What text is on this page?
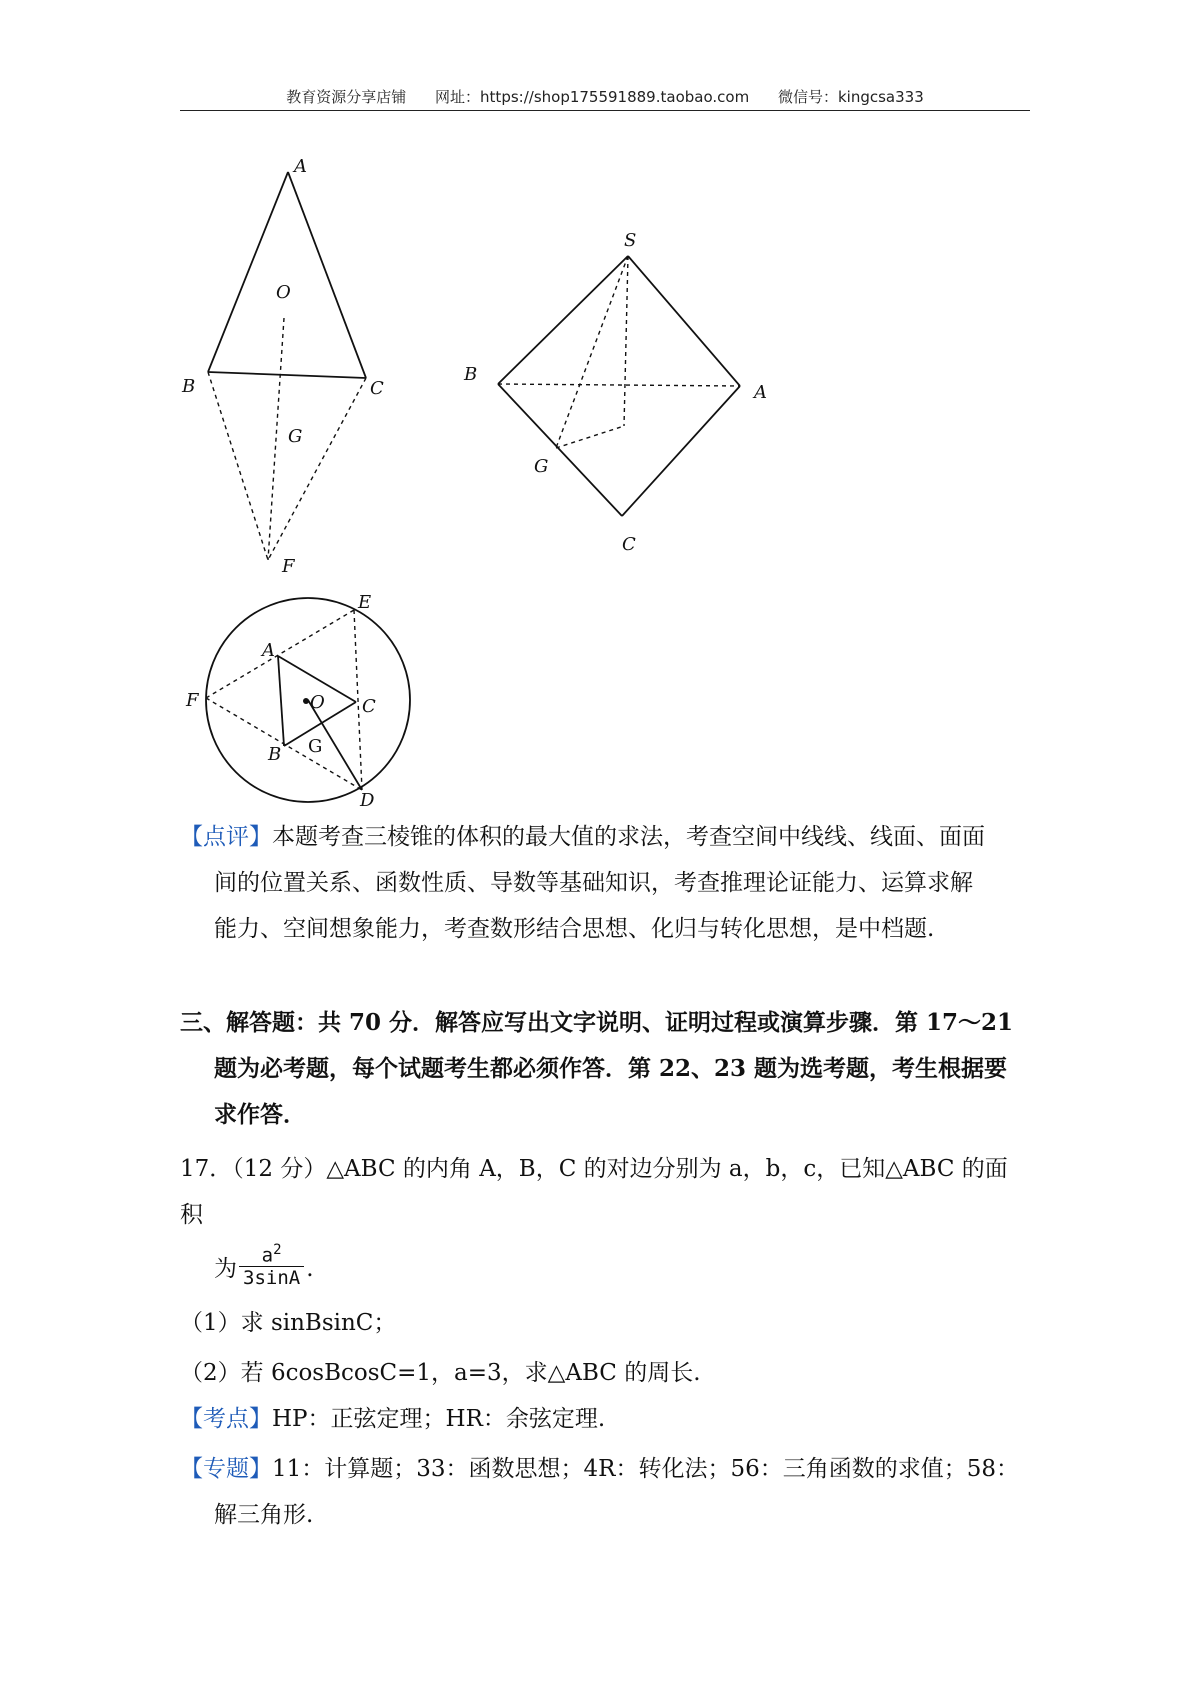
教育资源分享店铺 网址：https://shop175591889.taobao.com 微信号：kingcsa333
A
O
B	C
G
F
S
B
A
G
C
E
A
F	O C
B G
D
【点评】本题考查三棱锥的体积的最大值的求法，考查空间中线线、线面、面面
间的位置关系、函数性质、导数等基础知识，考查推理论证能力、运算求解
能力、空间想象能力，考查数形结合思想、化归与转化思想，是中档题.
三、解答题：共 70 分．解答应写出文字说明、证明过程或演算步骤．第 17～21
题为必考题，每个试题考生都必须作答．第 22、23 题为选考题，考生根据要
求作答．
17．（12 分）△ABC 的内角 A，B，C 的对边分别为 a，b，c，已知△ABC 的面积
为 $\frac{a^2}{3\sin A}$ .
（1）求 sinBsinC；
（2）若 6cosBcosC=1，a=3，求△ABC 的周长.
【考点】HP：正弦定理；HR：余弦定理.
【专题】11：计算题；33：函数思想；4R：转化法；56：三角函数的求值；58：
解三角形.
